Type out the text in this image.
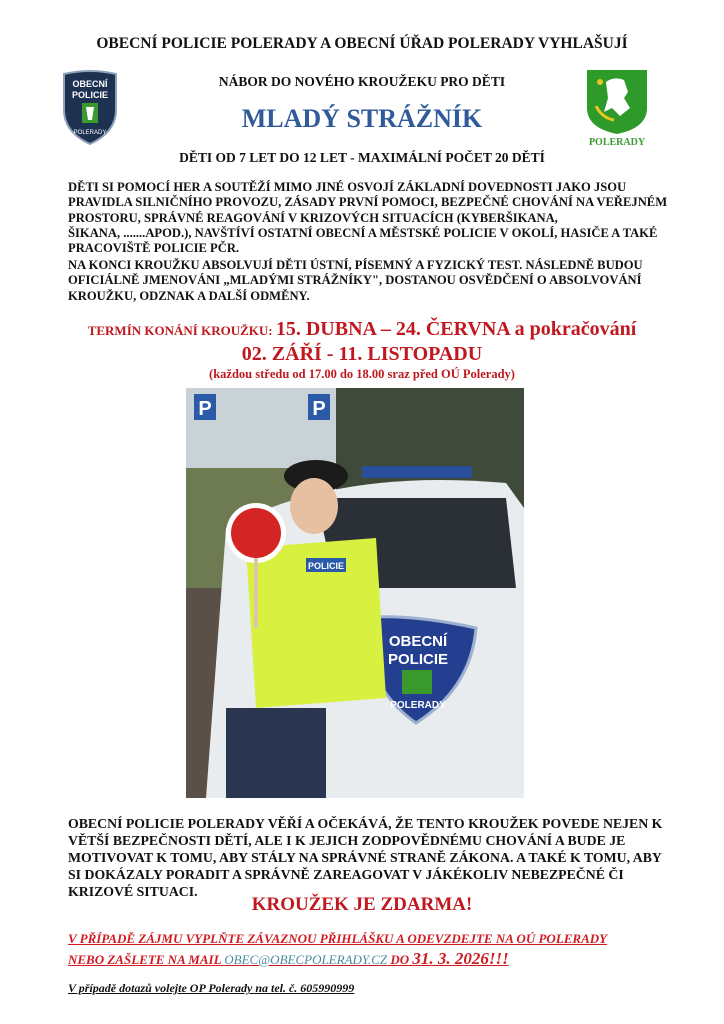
OBECNÍ POLICIE POLERADY A OBECNÍ ÚŘAD POLERADY VYHLAŠUJÍ
OBECNÍ
POLICIE
POLERADY
POLERADY
NÁBOR DO NOVÉHO KROUŽEKU PRO DĚTI
MLADÝ STRÁŽNÍK
DĚTI OD 7 LET DO 12 LET - MAXIMÁLNÍ POČET 20 DĚTÍ
DĚTI SI POMOCÍ HER A SOUTĚŽÍ MIMO JINÉ OSVOJÍ ZÁKLADNÍ DOVEDNOSTI JAKO JSOU
PRAVIDLA SILNIČNÍHO PROVOZU, ZÁSADY PRVNÍ POMOCI, BEZPEČNÉ CHOVÁNÍ NA VEŘEJNÉM
PROSTORU, SPRÁVNÉ REAGOVÁNÍ V KRIZOVÝCH SITUACÍCH (KYBERŠIKANA,
ŠIKANA, .......APOD.), NAVŠTÍVÍ OSTATNÍ OBECNÍ A MĚSTSKÉ POLICIE V OKOLÍ, HASIČE A TAKÉ
PRACOVIŠTĚ POLICIE PČR.
NA KONCI KROUŽKU ABSOLVUJÍ DĚTI ÚSTNÍ, PÍSEMNÝ A FYZICKÝ TEST. NÁSLEDNĚ BUDOU
OFICIÁLNĚ JMENOVÁNI „MLADÝMI STRÁŽNÍKY", DOSTANOU OSVĚDČENÍ O ABSOLVOVÁNÍ
KROUŽKU, ODZNAK A DALŠÍ ODMĚNY.
TERMÍN KONÁNÍ KROUŽKU: 15. DUBNA – 24. ČERVNA a pokračování
02. ZÁŘÍ - 11. LISTOPADU
(každou středu od 17.00 do 18.00 sraz před OÚ Polerady)
P	P
OBECNÍ
POLICIE
POLERADY
POLICIE
OBECNÍ POLICIE POLERADY VĚŘÍ A OČEKÁVÁ, ŽE TENTO KROUŽEK POVEDE NEJEN K
VĚTŠÍ BEZPEČNOSTI DĚTÍ, ALE I K JEJICH ZODPOVĚDNÉMU CHOVÁNÍ A BUDE JE
MOTIVOVAT K TOMU, ABY STÁLY NA SPRÁVNÉ STRANĚ ZÁKONA. A TAKÉ K TOMU, ABY
SI DOKÁZALY PORADIT A SPRÁVNĚ ZAREAGOVAT V JÁKÉKOLIV NEBEZPEČNÉ ČI
KRIZOVÉ SITUACI.
KROUŽEK JE ZDARMA!
V PŘÍPADĚ ZÁJMU VYPLŇTE ZÁVAZNOU PŘIHLÁŠKU A ODEVZDEJTE NA OÚ POLERADY
NEBO ZAŠLETE NA MAIL OBEC@OBECPOLERADY.CZ DO 31. 3. 2026!!!
V případě dotazů volejte OP Polerady na tel. č. 605990999
